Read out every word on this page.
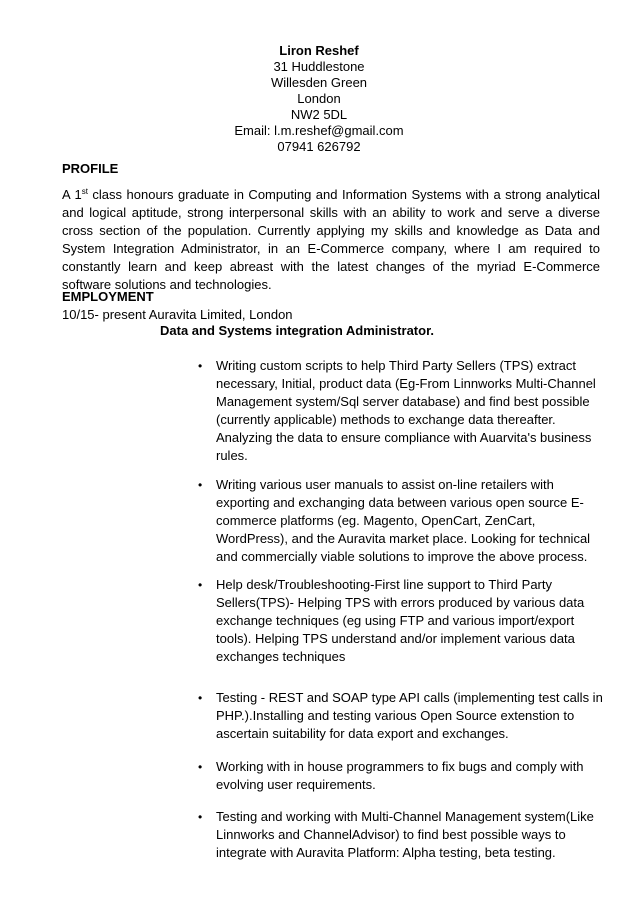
Liron Reshef
31 Huddlestone
Willesden Green
London
NW2 5DL
Email: l.m.reshef@gmail.com
07941 626792
PROFILE
A 1st class honours graduate in Computing and Information Systems with a strong analytical and logical aptitude, strong interpersonal skills with an ability to work and serve a diverse cross section of the population. Currently applying my skills and knowledge as Data and System Integration Administrator, in an E-Commerce company, where I am required to constantly learn and keep abreast with the latest changes of the myriad E-Commerce software solutions and technologies.
EMPLOYMENT
10/15- present Auravita Limited, London
Data and Systems integration Administrator.
• Writing custom scripts to help Third Party Sellers (TPS) extract necessary, Initial, product data (Eg-From Linnworks Multi-Channel Management system/Sql server database) and find best possible (currently applicable) methods to exchange data thereafter. Analyzing the data to ensure compliance with Auarvita's business rules.
• Writing various user manuals to assist on-line retailers with exporting and exchanging data between various open source E-commerce platforms (eg. Magento, OpenCart, ZenCart, WordPress), and the Auravita market place. Looking for technical and commercially viable solutions to improve the above process.
• Help desk/Troubleshooting-First line support to Third Party Sellers(TPS)- Helping TPS with errors produced by various data exchange techniques (eg using FTP and various import/export tools). Helping TPS understand and/or implement various data exchanges techniques
• Testing - REST and SOAP type API calls (implementing test calls in PHP.).Installing and testing various Open Source extenstion to ascertain suitability for data export and exchanges.
• Working with in house programmers to fix bugs and comply with evolving user requirements.
• Testing and working with Multi-Channel Management system(Like Linnworks and ChannelAdvisor) to find best possible ways to integrate with Auravita Platform: Alpha testing, beta testing.
